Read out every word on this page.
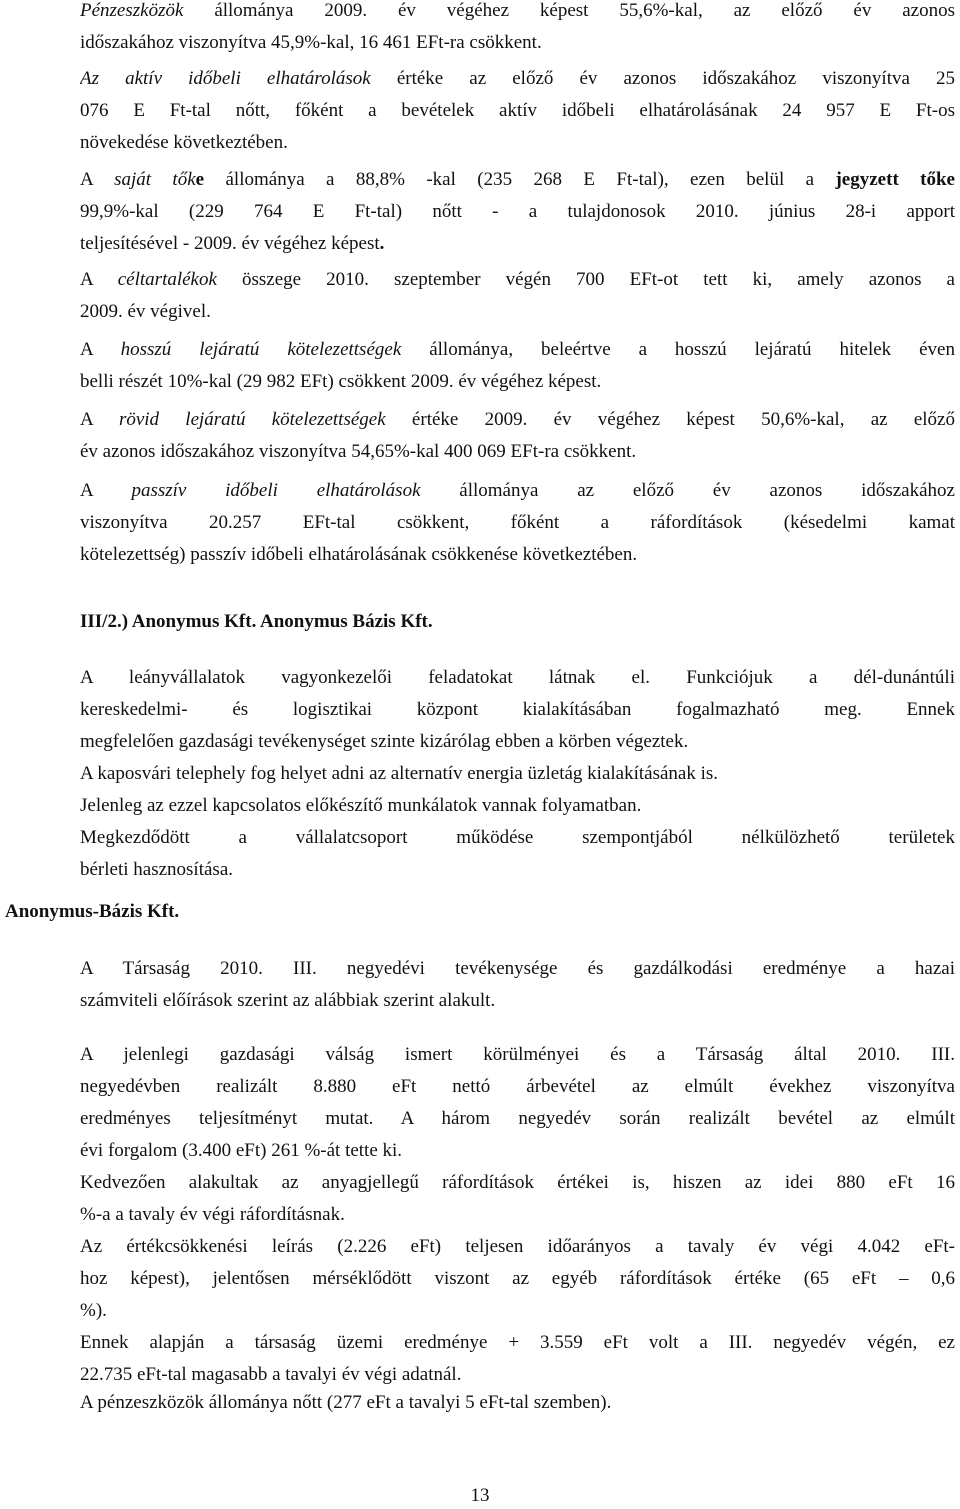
Pénzeszközök állománya 2009. év végéhez képest 55,6%-kal, az előző év azonos
időszakához viszonyítva 45,9%-kal, 16 461 EFt-ra csökkent.
Az aktív időbeli elhatárolások értéke az előző év azonos időszakához viszonyítva 25
076 E Ft-tal nőtt, főként a bevételek aktív időbeli elhatárolásának 24 957 E Ft-os
növekedése következtében.
A saját tőke állománya a 88,8% -kal (235 268 E Ft-tal), ezen belül a jegyzett tőke
99,9%-kal (229 764 E Ft-tal) nőtt - a tulajdonosok 2010. június 28-i apport
teljesítésével - 2009. év végéhez képest.
A céltartalékok összege 2010. szeptember végén 700 EFt-ot tett ki, amely azonos a
2009. év végivel.
A hosszú lejáratú kötelezettségek állománya, beleértve a hosszú lejáratú hitelek éven
belli részét 10%-kal (29 982 EFt) csökkent 2009. év végéhez képest.
A rövid lejáratú kötelezettségek értéke 2009. év végéhez képest 50,6%-kal, az előző
év azonos időszakához viszonyítva 54,65%-kal 400 069 EFt-ra csökkent.
A passzív időbeli elhatárolások állománya az előző év azonos időszakához
viszonyítva 20.257 EFt-tal csökkent, főként a ráfordítások (késedelmi kamat
kötelezettség) passzív időbeli elhatárolásának csökkenése következtében.
III/2.) Anonymus Kft. Anonymus Bázis Kft.
A leányvállalatok vagyonkezelői feladatokat látnak el. Funkciójuk a dél-dunántúli
kereskedelmi- és logisztikai központ kialakításában fogalmazható meg. Ennek
megfelelően gazdasági tevékenységet szinte kizárólag ebben a körben végeztek.
A kaposvári telephely fog helyet adni az alternatív energia üzletág kialakításának is.
Jelenleg az ezzel kapcsolatos előkészítő munkálatok vannak folyamatban.
Megkezdődött a vállalatcsoport működése szempontjából nélkülözhető területek
bérleti hasznosítása.
Anonymus-Bázis Kft.
A Társaság 2010. III. negyedévi tevékenysége és gazdálkodási eredménye a hazai
számviteli előírások szerint az alábbiak szerint alakult.
A jelenlegi gazdasági válság ismert körülményei és a Társaság által 2010. III.
negyedévben realizált 8.880 eFt nettó árbevétel az elmúlt évekhez viszonyítva
eredményes teljesítményt mutat. A három negyedév során realizált bevétel az elmúlt
évi forgalom (3.400 eFt) 261 %-át tette ki.
Kedvezően alakultak az anyagjellegű ráfordítások értékei is, hiszen az idei 880 eFt 16
%-a a tavaly év végi ráfordításnak.
Az értékcsökkenési leírás (2.226 eFt) teljesen időarányos a tavaly év végi 4.042 eFt-
hoz képest), jelentősen mérséklődött viszont az egyéb ráfordítások értéke (65 eFt – 0,6
%).
Ennek alapján a társaság üzemi eredménye + 3.559 eFt volt a III. negyedév végén, ez
22.735 eFt-tal magasabb a tavalyi év végi adatnál.
A pénzeszközök állománya nőtt (277 eFt a tavalyi 5 eFt-tal szemben).
13
